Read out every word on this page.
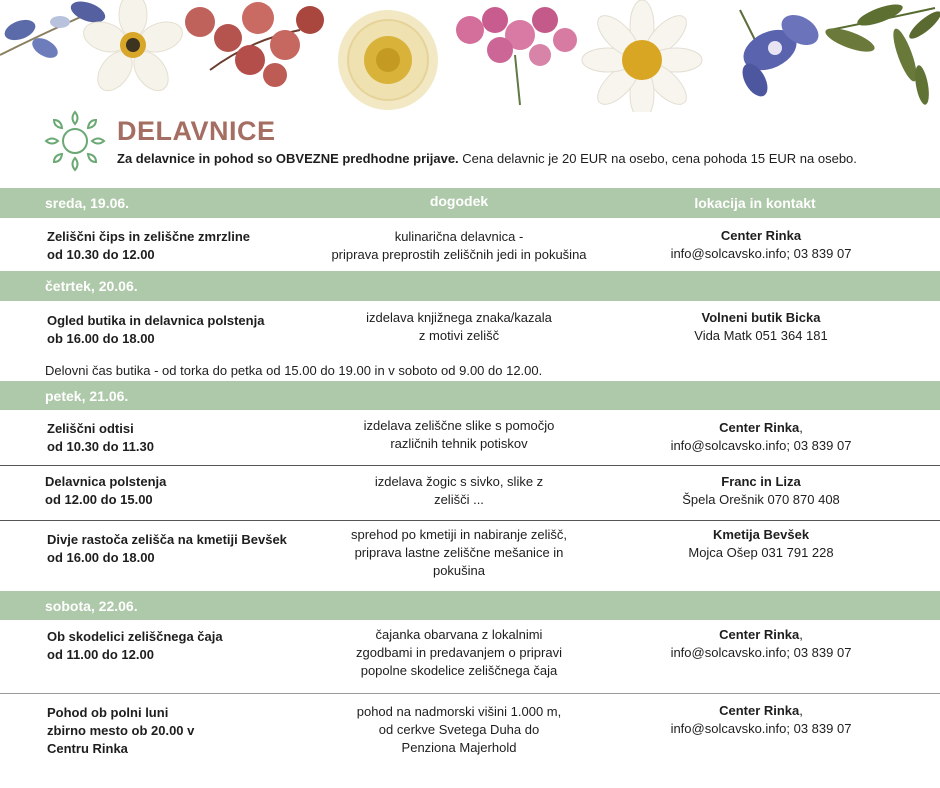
DELAVNICE
Za delavnice in pohod so OBVEZNE predhodne prijave. Cena delavnic je 20 EUR na osebo, cena pohoda 15 EUR na osebo.
sreda, 19.06.	dogodek	lokacija in kontakt
Zeliščni čips in zeliščne zmrzline
od 10.30 do 12.00
kulinarična delavnica -
priprava preprostih zeliščnih jedi in pokušina
Center Rinka
info@solcavsko.info; 03 839 07
četrtek, 20.06.
Ogled butika in delavnica polstenja
ob 16.00 do 18.00
izdelava knjižnega znaka/kazala
z motivi zelišč
Volneni butik Bicka
Vida Matk 051 364 181
Delovni čas butika - od torka do petka od 15.00 do 19.00 in v soboto od 9.00 do 12.00.
petek, 21.06.
Zeliščni odtisi
od 10.30 do 11.30
izdelava zeliščne slike s pomočjo
različnih tehnik potiskov
Center Rinka,
info@solcavsko.info; 03 839 07
Delavnica polstenja
od 12.00 do 15.00
izdelava žogic s sivko, slike z
zelišči ...
Franc in Liza
Špela Orešnik 070 870 408
Divje rastoča zelišča na kmetiji Bevšek
od 16.00 do 18.00
sprehod po kmetiji in nabiranje zelišč,
priprava lastne zeliščne mešanice in
pokušina
Kmetija Bevšek
Mojca Ošep 031 791 228
sobota, 22.06.
Ob skodelici zeliščnega čaja
od 11.00 do 12.00
čajanka obarvana z lokalnimi
zgodbami in predavanjem o pripravi
popolne skodelice zeliščnega čaja
Center Rinka,
info@solcavsko.info; 03 839 07
Pohod ob polni luni
zbirno mesto ob 20.00 v
Centru Rinka
pohod na nadmorski višini 1.000 m,
od cerkve Svetega Duha do
Penziona Majerhold
Center Rinka,
info@solcavsko.info; 03 839 07
